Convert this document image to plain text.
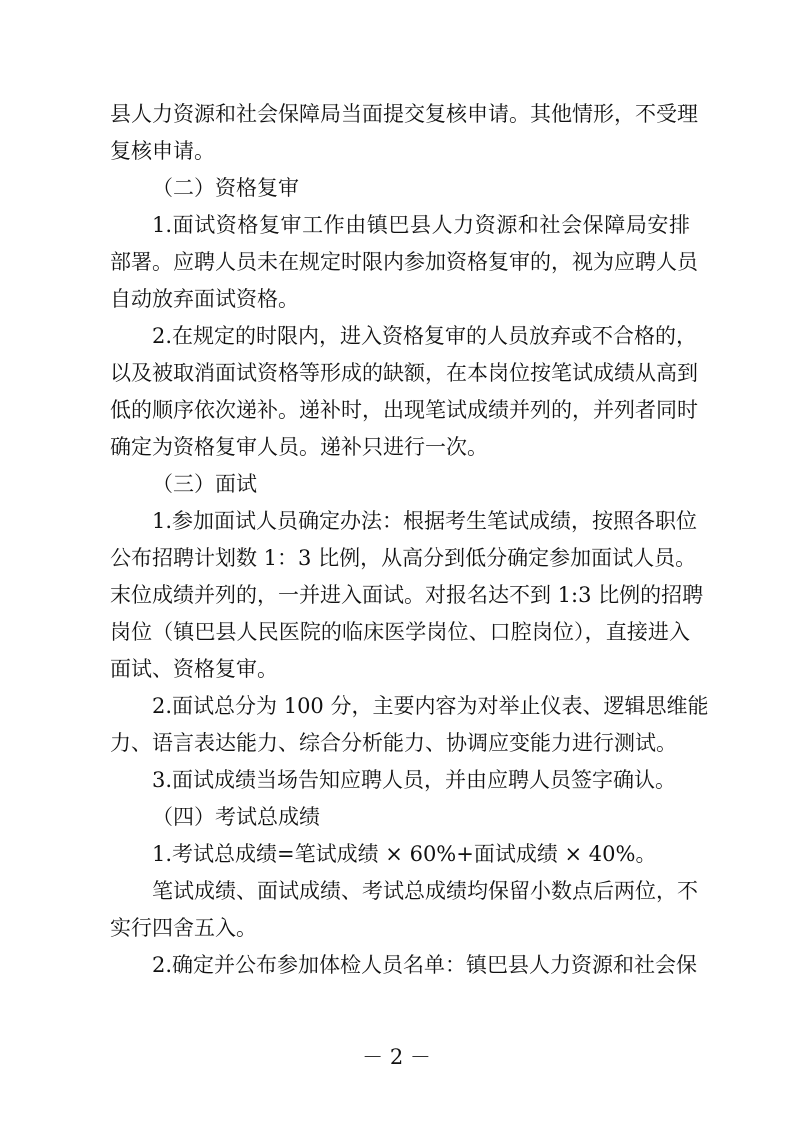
县人力资源和社会保障局当面提交复核申请。其他情形，不受理
复核申请。
（二）资格复审
1.面试资格复审工作由镇巴县人力资源和社会保障局安排
部署。应聘人员未在规定时限内参加资格复审的，视为应聘人员
自动放弃面试资格。
2.在规定的时限内，进入资格复审的人员放弃或不合格的，
以及被取消面试资格等形成的缺额，在本岗位按笔试成绩从高到
低的顺序依次递补。递补时，出现笔试成绩并列的，并列者同时
确定为资格复审人员。递补只进行一次。
（三）面试
1.参加面试人员确定办法：根据考生笔试成绩，按照各职位
公布招聘计划数 1：3 比例，从高分到低分确定参加面试人员。
末位成绩并列的，一并进入面试。对报名达不到 1:3 比例的招聘
岗位（镇巴县人民医院的临床医学岗位、口腔岗位），直接进入
面试、资格复审。
2.面试总分为 100 分，主要内容为对举止仪表、逻辑思维能
力、语言表达能力、综合分析能力、协调应变能力进行测试。
3.面试成绩当场告知应聘人员，并由应聘人员签字确认。
（四）考试总成绩
1.考试总成绩=笔试成绩 × 60%+面试成绩 × 40%。
笔试成绩、面试成绩、考试总成绩均保留小数点后两位，不
实行四舍五入。
2.确定并公布参加体检人员名单：镇巴县人力资源和社会保
－ 2 －
